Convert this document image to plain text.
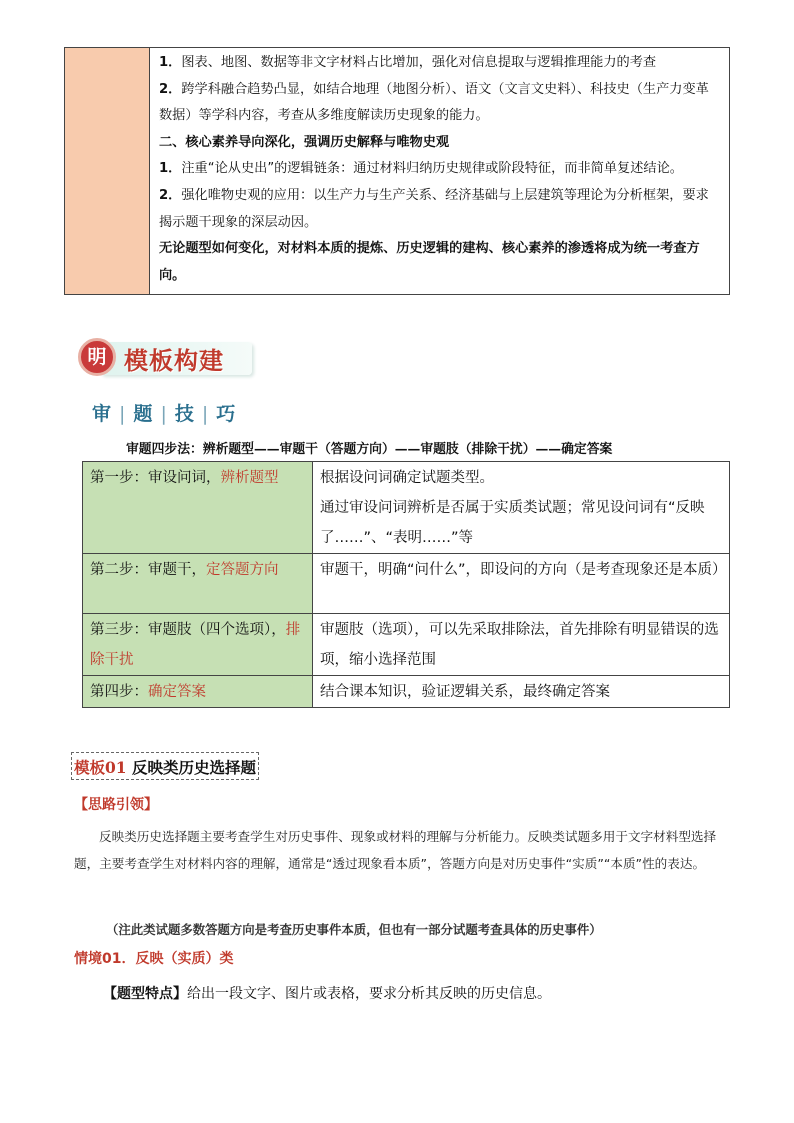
1．图表、地图、数据等非文字材料占比增加，强化对信息提取与逻辑推理能力的考查

2．跨学科融合趋势凸显，如结合地理（地图分析）、语文（文言文史料）、科技史（生产力变革数据）等学科内容，考查从多维度解读历史现象的能力。

二、核心素养导向深化，强调历史解释与唯物史观

1．注重“论从史出”的逻辑链条：通过材料归纳历史规律或阶段特征，而非简单复述结论。

2．强化唯物史观的应用：以生产力与生产关系、经济基础与上层建筑等理论为分析框架，要求揭示题干现象的深层动因。

无论题型如何变化，对材料本质的提炼、历史逻辑的建构、核心素养的渗透将成为统一考查方向。

明 模板构建
审 | 题 | 技 | 巧
审题四步法：辨析题型——审题干（答题方向）——审题肢（排除干扰）——确定答案
第一步：审设问词，辨析题型	根据设问词确定试题类型。
通过审设问词辨析是否属于实质类试题；常见设问词有“反映了……”、“表明……”等

第二步：审题干，定答题方向	审题干，明确“问什么”，即设问的方向（是考查现象还是本质）

第三步：审题肢（四个选项），排除干扰	审题肢（选项），可以先采取排除法，首先排除有明显错误的选项，缩小选择范围

第四步：确定答案	结合课本知识，验证逻辑关系，最终确定答案
模板01 反映类历史选择题
【思路引领】
反映类历史选择题主要考查学生对历史事件、现象或材料的理解与分析能力。反映类试题多用于文字材料型选择题，主要考查学生对材料内容的理解，通常是“透过现象看本质”，答题方向是对历史事件“实质”“本质”性的表达。
（注此类试题多数答题方向是考查历史事件本质，但也有一部分试题考查具体的历史事件）
情境01．反映（实质）类
【题型特点】给出一段文字、图片或表格，要求分析其反映的历史信息。
